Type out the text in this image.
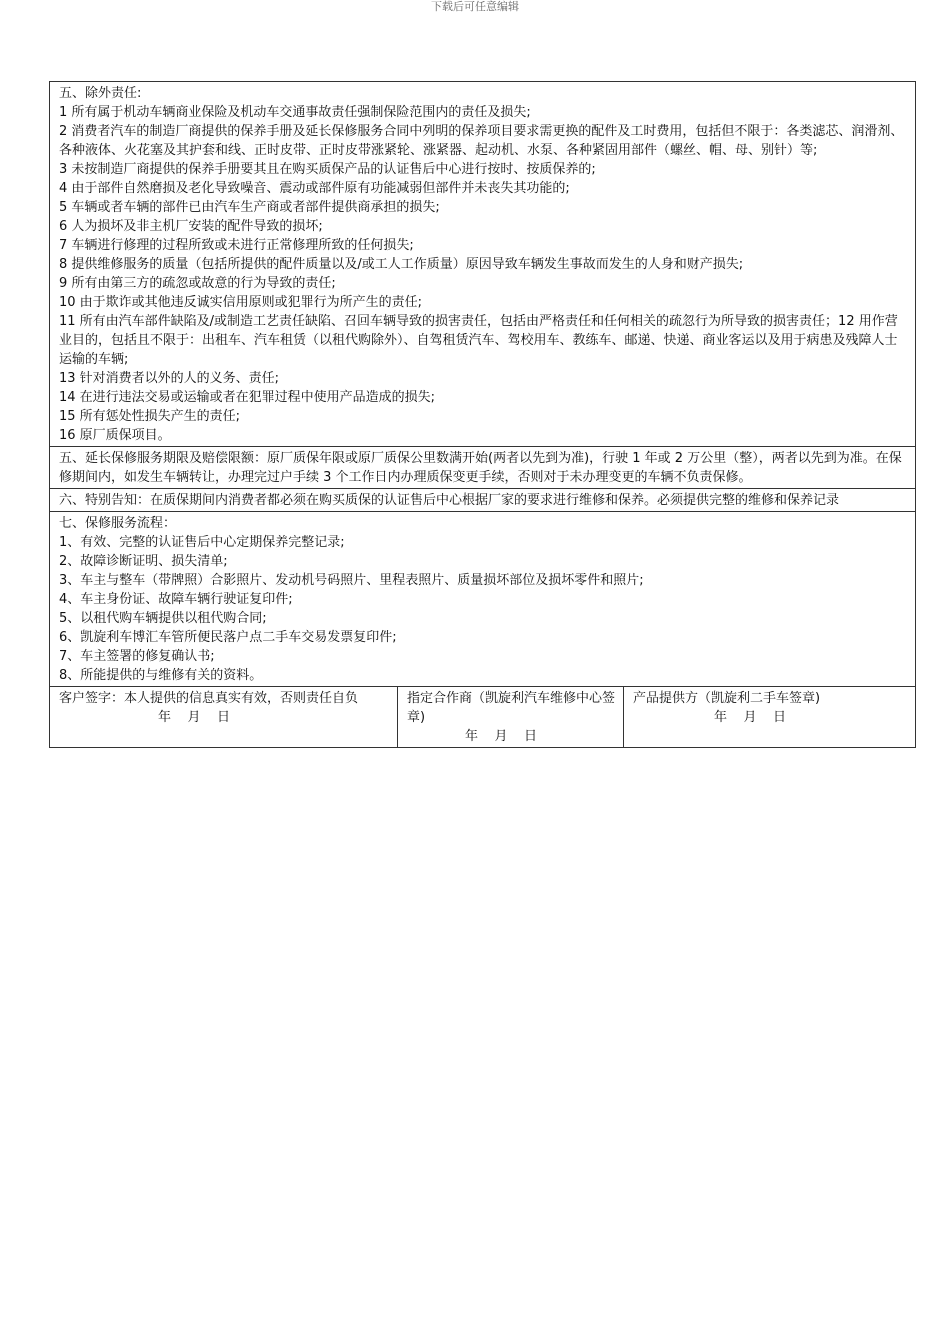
下载后可任意编辑
五、除外责任:
1 所有属于机动车辆商业保险及机动车交通事故责任强制保险范围内的责任及损失;
2 消费者汽车的制造厂商提供的保养手册及延长保修服务合同中列明的保养项目要求需更换的配件及工时费用，包括但不限于：各类滤芯、润滑剂、各种液体、火花塞及其护套和线、正时皮带、正时皮带涨紧轮、涨紧器、起动机、水泵、各种紧固用部件（螺丝、帽、母、别针）等;
3 未按制造厂商提供的保养手册要其且在购买质保产品的认证售后中心进行按时、按质保养的;
4 由于部件自然磨损及老化导致噪音、震动或部件原有功能减弱但部件并未丧失其功能的;
5 车辆或者车辆的部件已由汽车生产商或者部件提供商承担的损失;
6 人为损坏及非主机厂安装的配件导致的损坏;
7 车辆进行修理的过程所致或未进行正常修理所致的任何损失;
8 提供维修服务的质量（包括所提供的配件质量以及/或工人工作质量）原因导致车辆发生事故而发生的人身和财产损失;
9 所有由第三方的疏忽或故意的行为导致的责任;
10 由于欺诈或其他违反诚实信用原则或犯罪行为所产生的责任;
11 所有由汽车部件缺陷及/或制造工艺责任缺陷、召回车辆导致的损害责任，包括由严格责任和任何相关的疏忽行为所导致的损害责任；12 用作营业目的，包括且不限于：出租车、汽车租赁（以租代购除外）、自驾租赁汽车、驾校用车、教练车、邮递、快递、商业客运以及用于病患及残障人士运输的车辆;
13 针对消费者以外的人的义务、责任;
14 在进行违法交易或运输或者在犯罪过程中使用产品造成的损失;
15 所有惩处性损失产生的责任;
16 原厂质保项目。

五、延长保修服务期限及赔偿限额：原厂质保年限或原厂质保公里数满开始(两者以先到为准)，行驶 1 年或 2 万公里（整），两者以先到为准。在保修期间内，如发生车辆转让，办理完过户手续 3 个工作日内办理质保变更手续，否则对于未办理变更的车辆不负责保修。
六、特别告知：在质保期间内消费者都必须在购买质保的认证售后中心根据厂家的要求进行维修和保养。必须提供完整的维修和保养记录

七、保修服务流程：
1、有效、完整的认证售后中心定期保养完整记录;
2、故障诊断证明、损失清单;
3、车主与整车（带牌照）合影照片、发动机号码照片、里程表照片、质量损坏部位及损坏零件和照片;
4、车主身份证、故障车辆行驶证复印件;
5、以租代购车辆提供以租代购合同;
6、凯旋利车博汇车管所便民落户点二手车交易发票复印件;
7、车主签署的修复确认书;
8、所能提供的与维修有关的资料。

客户签字：本人提供的信息真实有效，否则责任自负
年    月    日

指定合作商（凯旋利汽车维修中心签章)
年    月    日

产品提供方（凯旋利二手车签章)
年    月    日
